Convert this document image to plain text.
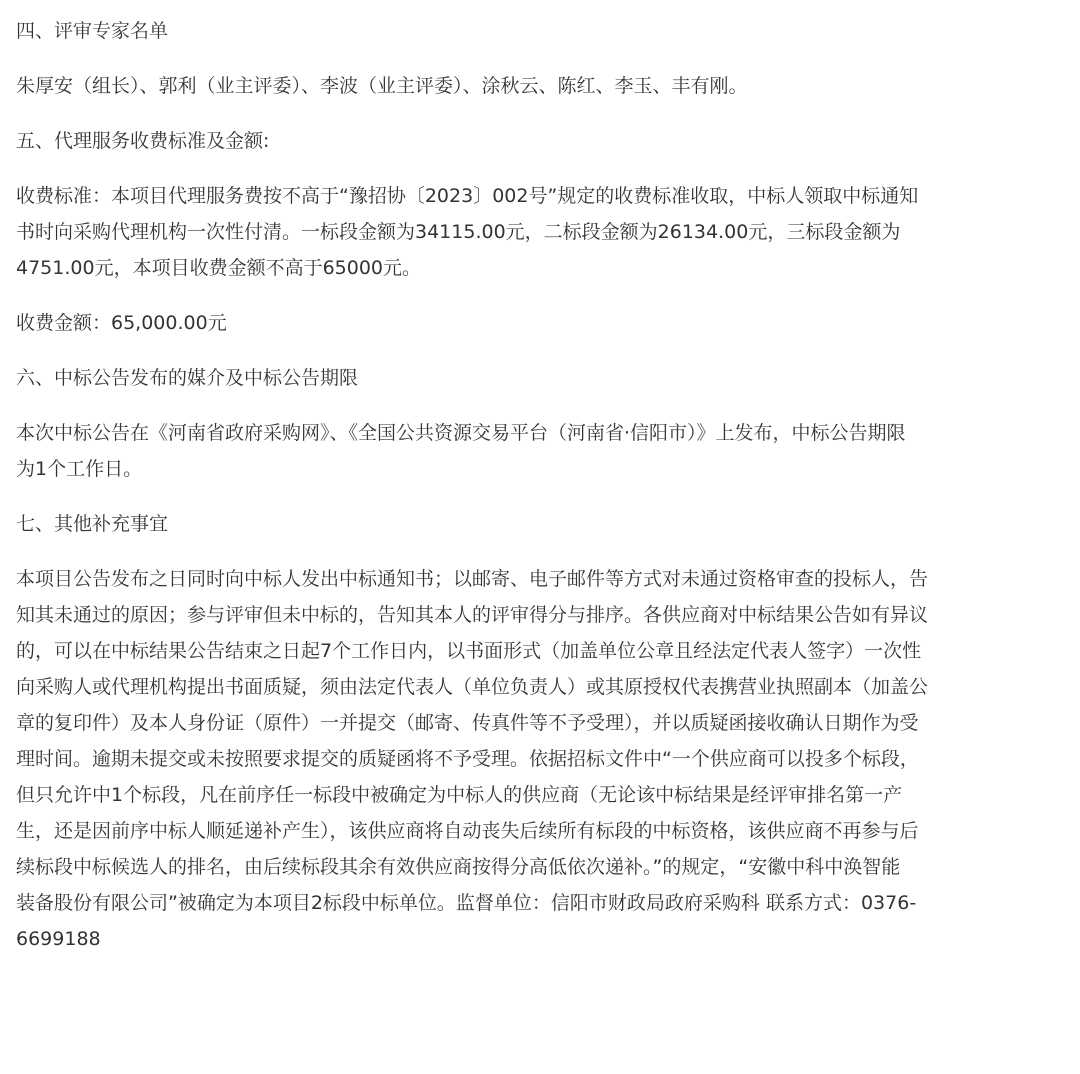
四、评审专家名单

朱厚安（组长）、郭利（业主评委）、李波（业主评委）、涂秋云、陈红、李玉、丰有刚。

五、代理服务收费标准及金额:

收费标准：本项目代理服务费按不高于“豫招协〔2023〕002号”规定的收费标准收取，中标人领取中标通知
书时向采购代理机构一次性付清。一标段金额为34115.00元，二标段金额为26134.00元，三标段金额为
4751.00元，本项目收费金额不高于65000元。

收费金额：65,000.00元

六、中标公告发布的媒介及中标公告期限

本次中标公告在《河南省政府采购网》、《全国公共资源交易平台（河南省·信阳市）》上发布，中标公告期限
为1个工作日。

七、其他补充事宜

本项目公告发布之日同时向中标人发出中标通知书；以邮寄、电子邮件等方式对未通过资格审查的投标人，告
知其未通过的原因；参与评审但未中标的，告知其本人的评审得分与排序。各供应商对中标结果公告如有异议
的，可以在中标结果公告结束之日起7个工作日内，以书面形式（加盖单位公章且经法定代表人签字）一次性
向采购人或代理机构提出书面质疑，须由法定代表人（单位负责人）或其原授权代表携营业执照副本（加盖公
章的复印件）及本人身份证（原件）一并提交（邮寄、传真件等不予受理），并以质疑函接收确认日期作为受
理时间。逾期未提交或未按照要求提交的质疑函将不予受理。依据招标文件中“一个供应商可以投多个标段，
但只允许中1个标段，凡在前序任一标段中被确定为中标人的供应商（无论该中标结果是经评审排名第一产
生，还是因前序中标人顺延递补产生），该供应商将自动丧失后续所有标段的中标资格，该供应商不再参与后
续标段中标候选人的排名，由后续标段其余有效供应商按得分高低依次递补。”的规定，“安徽中科中涣智能
装备股份有限公司”被确定为本项目2标段中标单位。监督单位：信阳市财政局政府采购科 联系方式：0376-
6699188
